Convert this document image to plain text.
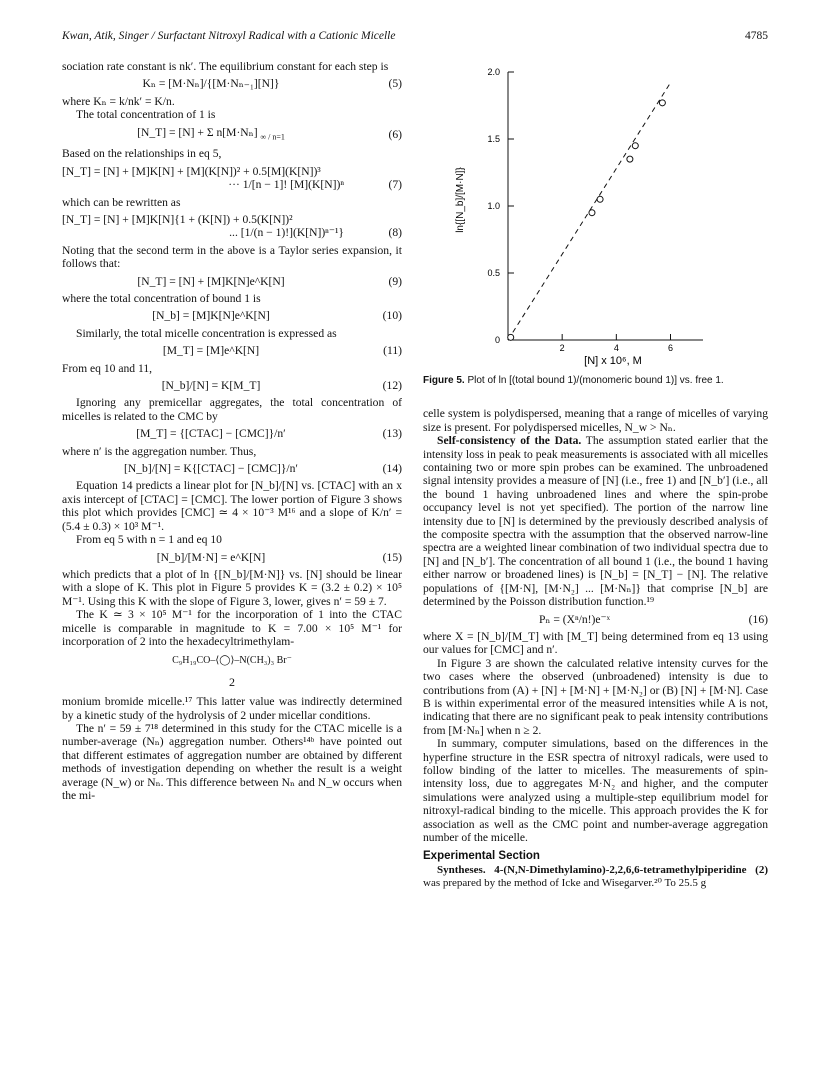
Kwan, Atik, Singer / Surfactant Nitroxyl Radical with a Cationic Micelle	4785

sociation rate constant is nk′. The equilibrium constant for each step is

Kₙ = [M·Nₙ]/{[M·Nₙ₋₁][N]}	(5)

where Kₙ = k/nk′ = K/n.

The total concentration of 1 is

[N_T] = [N] + Σ n[M·Nₙ] $_{\infty / n=1}$	(6)

Based on the relationships in eq 5,

[N_T] = [N] + [M]K[N] + [M](K[N])² + 0.5[M](K[N])³
··· 1/[n − 1]! [M](K[N])ⁿ	(7)

which can be rewritten as

[N_T] = [N] + [M]K[N]{1 + (K[N]) + 0.5(K[N])²
... [1/(n − 1)!](K[N])ⁿ⁻¹}	(8)

Noting that the second term in the above is a Taylor series expansion, it follows that:

[N_T] = [N] + [M]K[N]e^K[N]	(9)

where the total concentration of bound 1 is

[N_b] = [M]K[N]e^K[N]	(10)

Similarly, the total micelle concentration is expressed as

[M_T] = [M]e^K[N]	(11)

From eq 10 and 11,

[N_b]/[N] = K[M_T]	(12)

Ignoring any premicellar aggregates, the total concentration of micelles is related to the CMC by

[M_T] = {[CTAC] − [CMC]}/n′	(13)

where n′ is the aggregation number. Thus,

[N_b]/[N] = K{[CTAC] − [CMC]}/n′	(14)

Equation 14 predicts a linear plot for [N_b]/[N] vs. [CTAC] with an x axis intercept of [CTAC] = [CMC]. The lower portion of Figure 3 shows this plot which provides [CMC] ≃ 4 × 10⁻³ M¹⁶ and a slope of K/n′ = (5.4 ± 0.3) × 10³ M⁻¹.

From eq 5 with n = 1 and eq 10

[N_b]/[M·N] = e^K[N]	(15)

which predicts that a plot of ln {[N_b]/[M·N]} vs. [N] should be linear with a slope of K. This plot in Figure 5 provides K = (3.2 ± 0.2) × 10⁵ M⁻¹. Using this K with the slope of Figure 3, lower, gives n′ = 59 ± 7.

The K ≃ 3 × 10⁵ M⁻¹ for the incorporation of 1 into the CTAC micelle is comparable in magnitude to K = 7.00 × 10⁵ M⁻¹ for incorporation of 2 into the hexadecyltrimethylam-

C₉H₁₉CO–⟨◯⟩–N(CH₃)₃ Br⁻
2

monium bromide micelle.¹⁷ This latter value was indirectly determined by a kinetic study of the hydrolysis of 2 under micellar conditions.

The n′ = 59 ± 7¹⁸ determined in this study for the CTAC micelle is a number-average (Nₙ) aggregation number. Others¹⁴ᵇ have pointed out that different estimates of aggregation number are obtained by different methods of investigation depending on whether the result is a weight average (N_w) or Nₙ. This difference between Nₙ and N_w occurs when the mi-

0
0.5
1.0
1.5
2.0
2	4	6
ln{[N_b]/[M·N]}
[N] x 10⁶, M
Figure 5. Plot of ln [(total bound 1)/(monomeric bound 1)] vs. free 1.

celle system is polydispersed, meaning that a range of micelles of varying size is present. For polydispersed micelles, N_w > Nₙ.

Self-consistency of the Data. The assumption stated earlier that the intensity loss in peak to peak measurements is associated with all micelles containing two or more spin probes can be examined. The unbroadened signal intensity provides a measure of [N] (i.e., free 1) and [N_b′] (i.e., all the bound 1 having unbroadened lines and where the spin-probe occupancy level is not yet specified). The portion of the narrow line intensity due to [N] is determined by the previously described analysis of the composite spectra with the assumption that the observed narrow-line spectra are a weighted linear combination of two individual spectra due to [N] and [N_b′]. The concentration of all bound 1 (i.e., the bound 1 having either narrow or broadened lines) is [N_b] = [N_T] − [N]. The relative populations of {[M·N], [M·N₂] ... [M·Nₙ]} that comprise [N_b] are determined by the Poisson distribution function.¹⁹

Pₙ = (Xⁿ/n!)e⁻ˣ	(16)

where X = [N_b]/[M_T] with [M_T] being determined from eq 13 using our values for [CMC] and n′.

In Figure 3 are shown the calculated relative intensity curves for the two cases where the observed (unbroadened) intensity is due to contributions from (A) + [N] + [M·N] + [M·N₂] or (B) [N] + [M·N]. Case B is within experimental error of the measured intensities while A is not, indicating that there are no significant peak to peak intensity contributions from [M·Nₙ] when n ≥ 2.

In summary, computer simulations, based on the differences in the hyperfine structure in the ESR spectra of nitroxyl radicals, were used to follow binding of the latter to micelles. The measurements of spin-intensity loss, due to aggregates M·N₂ and higher, and the computer simulations were analyzed using a multiple-step equilibrium model for nitroxyl-radical binding to the micelle. This approach provides the K for association as well as the CMC point and number-average aggregation number of the micelle.

Experimental Section

Syntheses. 4-(N,N-Dimethylamino)-2,2,6,6-tetramethylpiperidine (2) was prepared by the method of Icke and Wisegarver.²⁰ To 25.5 g
